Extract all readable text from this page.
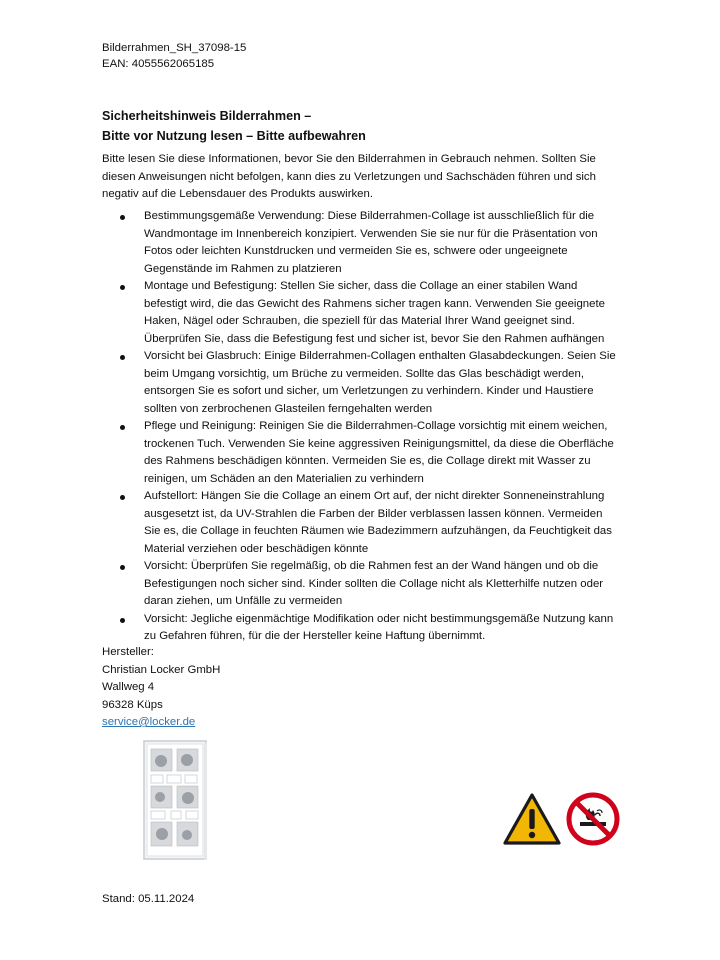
Bilderrahmen_SH_37098-15
EAN: 4055562065185
Sicherheitshinweis Bilderrahmen –
Bitte vor Nutzung lesen – Bitte aufbewahren
Bitte lesen Sie diese Informationen, bevor Sie den Bilderrahmen in Gebrauch nehmen. Sollten Sie diesen Anweisungen nicht befolgen, kann dies zu Verletzungen und Sachschäden führen und sich negativ auf die Lebensdauer des Produkts auswirken.
Bestimmungsgemäße Verwendung: Diese Bilderrahmen-Collage ist ausschließlich für die Wandmontage im Innenbereich konzipiert. Verwenden Sie sie nur für die Präsentation von Fotos oder leichten Kunstdrucken und vermeiden Sie es, schwere oder ungeeignete Gegenstände im Rahmen zu platzieren
Montage und Befestigung: Stellen Sie sicher, dass die Collage an einer stabilen Wand befestigt wird, die das Gewicht des Rahmens sicher tragen kann. Verwenden Sie geeignete Haken, Nägel oder Schrauben, die speziell für das Material Ihrer Wand geeignet sind. Überprüfen Sie, dass die Befestigung fest und sicher ist, bevor Sie den Rahmen aufhängen
Vorsicht bei Glasbruch: Einige Bilderrahmen-Collagen enthalten Glasabdeckungen. Seien Sie beim Umgang vorsichtig, um Brüche zu vermeiden. Sollte das Glas beschädigt werden, entsorgen Sie es sofort und sicher, um Verletzungen zu verhindern. Kinder und Haustiere sollten von zerbrochenen Glasteilen ferngehalten werden
Pflege und Reinigung: Reinigen Sie die Bilderrahmen-Collage vorsichtig mit einem weichen, trockenen Tuch. Verwenden Sie keine aggressiven Reinigungsmittel, da diese die Oberfläche des Rahmens beschädigen könnten. Vermeiden Sie es, die Collage direkt mit Wasser zu reinigen, um Schäden an den Materialien zu verhindern
Aufstellort: Hängen Sie die Collage an einem Ort auf, der nicht direkter Sonneneinstrahlung ausgesetzt ist, da UV-Strahlen die Farben der Bilder verblassen lassen können. Vermeiden Sie es, die Collage in feuchten Räumen wie Badezimmern aufzuhängen, da Feuchtigkeit das Material verziehen oder beschädigen könnte
Vorsicht: Überprüfen Sie regelmäßig, ob die Rahmen fest an der Wand hängen und ob die Befestigungen noch sicher sind. Kinder sollten die Collage nicht als Kletterhilfe nutzen oder daran ziehen, um Unfälle zu vermeiden
Vorsicht: Jegliche eigenmächtige Modifikation oder nicht bestimmungsgemäße Nutzung kann zu Gefahren führen, für die der Hersteller keine Haftung übernimmt.
Hersteller:
Christian Locker GmbH
Wallweg 4
96328 Küps
service@locker.de
Stand: 05.11.2024
